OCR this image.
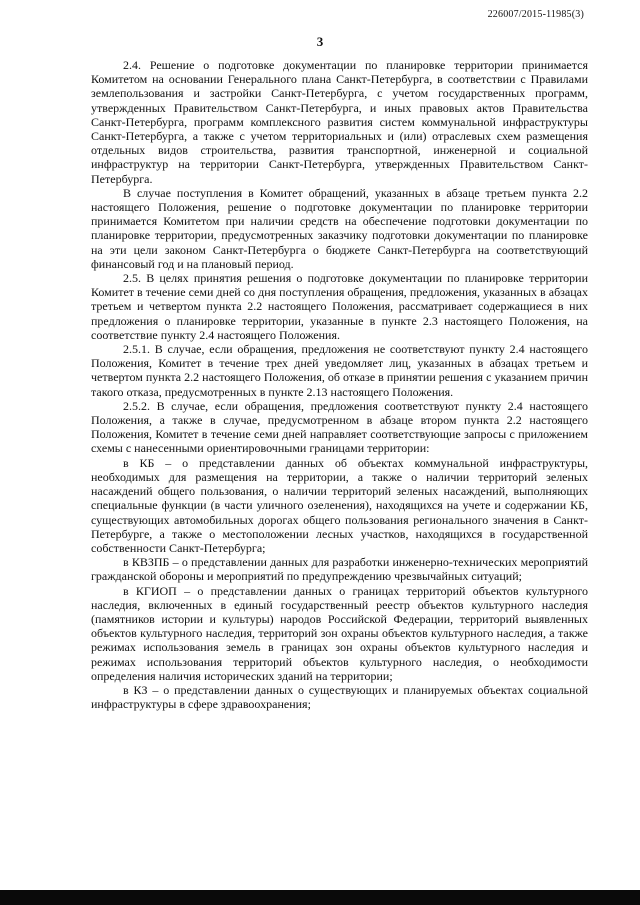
226007/2015-11985(3)
3

2.4. Решение о подготовке документации по планировке территории принимается Комитетом на основании Генерального плана Санкт-Петербурга, в соответствии с Правилами землепользования и застройки Санкт-Петербурга, с учетом государственных программ, утвержденных Правительством Санкт-Петербурга, и иных правовых актов Правительства Санкт-Петербурга, программ комплексного развития систем коммунальной инфраструктуры Санкт-Петербурга, а также с учетом территориальных и (или) отраслевых схем размещения отдельных видов строительства, развития транспортной, инженерной и социальной инфраструктур на территории Санкт-Петербурга, утвержденных Правительством Санкт-Петербурга.

В случае поступления в Комитет обращений, указанных в абзаце третьем пункта 2.2 настоящего Положения, решение о подготовке документации по планировке территории принимается Комитетом при наличии средств на обеспечение подготовки документации по планировке территории, предусмотренных заказчику подготовки документации по планировке на эти цели законом Санкт-Петербурга о бюджете Санкт-Петербурга на соответствующий финансовый год и на плановый период.

2.5. В целях принятия решения о подготовке документации по планировке территории Комитет в течение семи дней со дня поступления обращения, предложения, указанных в абзацах третьем и четвертом пункта 2.2 настоящего Положения, рассматривает содержащиеся в них предложения о планировке территории, указанные в пункте 2.3 настоящего Положения, на соответствие пункту 2.4 настоящего Положения.

2.5.1. В случае, если обращения, предложения не соответствуют пункту 2.4 настоящего Положения, Комитет в течение трех дней уведомляет лиц, указанных в абзацах третьем и четвертом пункта 2.2 настоящего Положения, об отказе в принятии решения с указанием причин такого отказа, предусмотренных в пункте 2.13 настоящего Положения.

2.5.2. В случае, если обращения, предложения соответствуют пункту 2.4 настоящего Положения, а также в случае, предусмотренном в абзаце втором пункта 2.2 настоящего Положения, Комитет в течение семи дней направляет соответствующие запросы с приложением схемы с нанесенными ориентировочными границами территории:

в КБ – о представлении данных об объектах коммунальной инфраструктуры, необходимых для размещения на территории, а также о наличии территорий зеленых насаждений общего пользования, о наличии территорий зеленых насаждений, выполняющих специальные функции (в части уличного озеленения), находящихся на учете и содержании КБ, существующих автомобильных дорогах общего пользования регионального значения в Санкт-Петербурге, а также о местоположении лесных участков, находящихся в государственной собственности Санкт-Петербурга;

в КВЗПБ – о представлении данных для разработки инженерно-технических мероприятий гражданской обороны и мероприятий по предупреждению чрезвычайных ситуаций;

в КГИОП – о представлении данных о границах территорий объектов культурного наследия, включенных в единый государственный реестр объектов культурного наследия (памятников истории и культуры) народов Российской Федерации, территорий выявленных объектов культурного наследия, территорий зон охраны объектов культурного наследия, а также режимах использования земель в границах зон охраны объектов культурного наследия и режимах использования территорий объектов культурного наследия, о необходимости определения наличия исторических зданий на территории;

в КЗ – о представлении данных о существующих и планируемых объектах социальной инфраструктуры в сфере здравоохранения;
